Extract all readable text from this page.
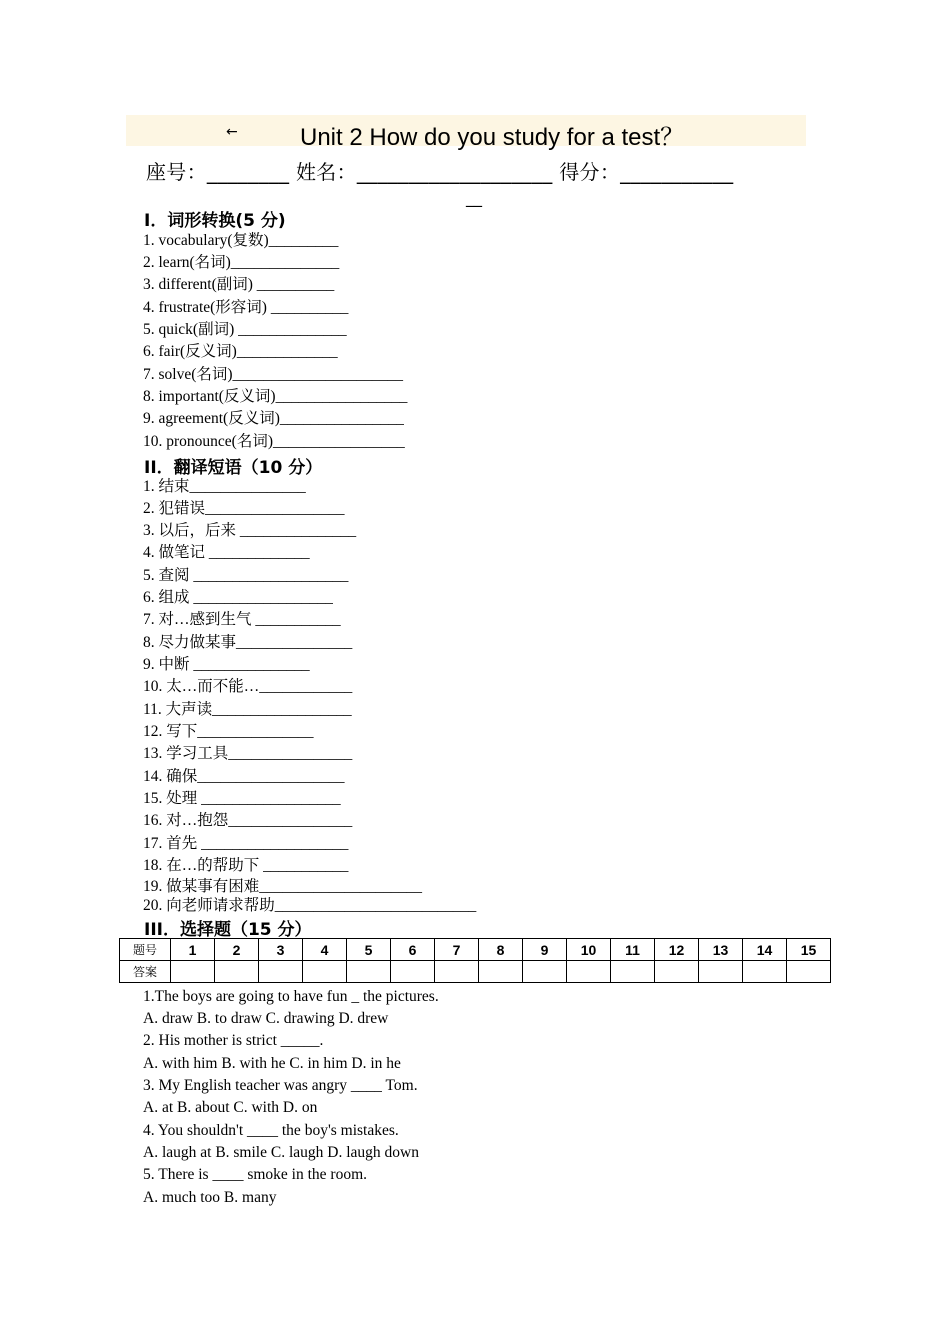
←	Unit 2 How do you study for a test？
座号：________ 姓名：___________________ 得分：___________
__
I．词形转换(5 分)
1. vocabulary(复数)_________
2. learn(名词)______________
3. different(副词) __________
4. frustrate(形容词) __________
5. quick(副词) ______________
6. fair(反义词)_____________
7. solve(名词)______________________
8. important(反义词)_________________
9. agreement(反义词)________________
10. pronounce(名词)_________________
II．翻译短语（10 分）
1. 结束_______________
2. 犯错误__________________
3. 以后，后来 _______________
4. 做笔记 _____________
5. 查阅 ____________________
6. 组成 __________________
7. 对…感到生气 ___________
8. 尽力做某事_______________
9. 中断 _______________
10. 太…而不能…____________
11. 大声读__________________
12. 写下_______________
13. 学习工具________________
14. 确保___________________
15. 处理 __________________
16. 对…抱怨________________
17. 首先 ___________________
18. 在…的帮助下 ___________
19. 做某事有困难_____________________
20. 向老师请求帮助__________________________
III．选择题（15 分）
题号	1	2	3	4	5	6	7	8	9	10	11	12	13	14	15
答案															
1.The boys are going to have fun _ the pictures.
A. draw B. to draw C. drawing D. drew
2. His mother is strict _____.
A. with him B. with he C. in him D. in he
3. My English teacher was angry ____ Tom.
A. at B. about C. with D. on
4. You shouldn't ____ the boy's mistakes.
A. laugh at B. smile C. laugh D. laugh down
5. There is ____ smoke in the room.
A. much too B. many
